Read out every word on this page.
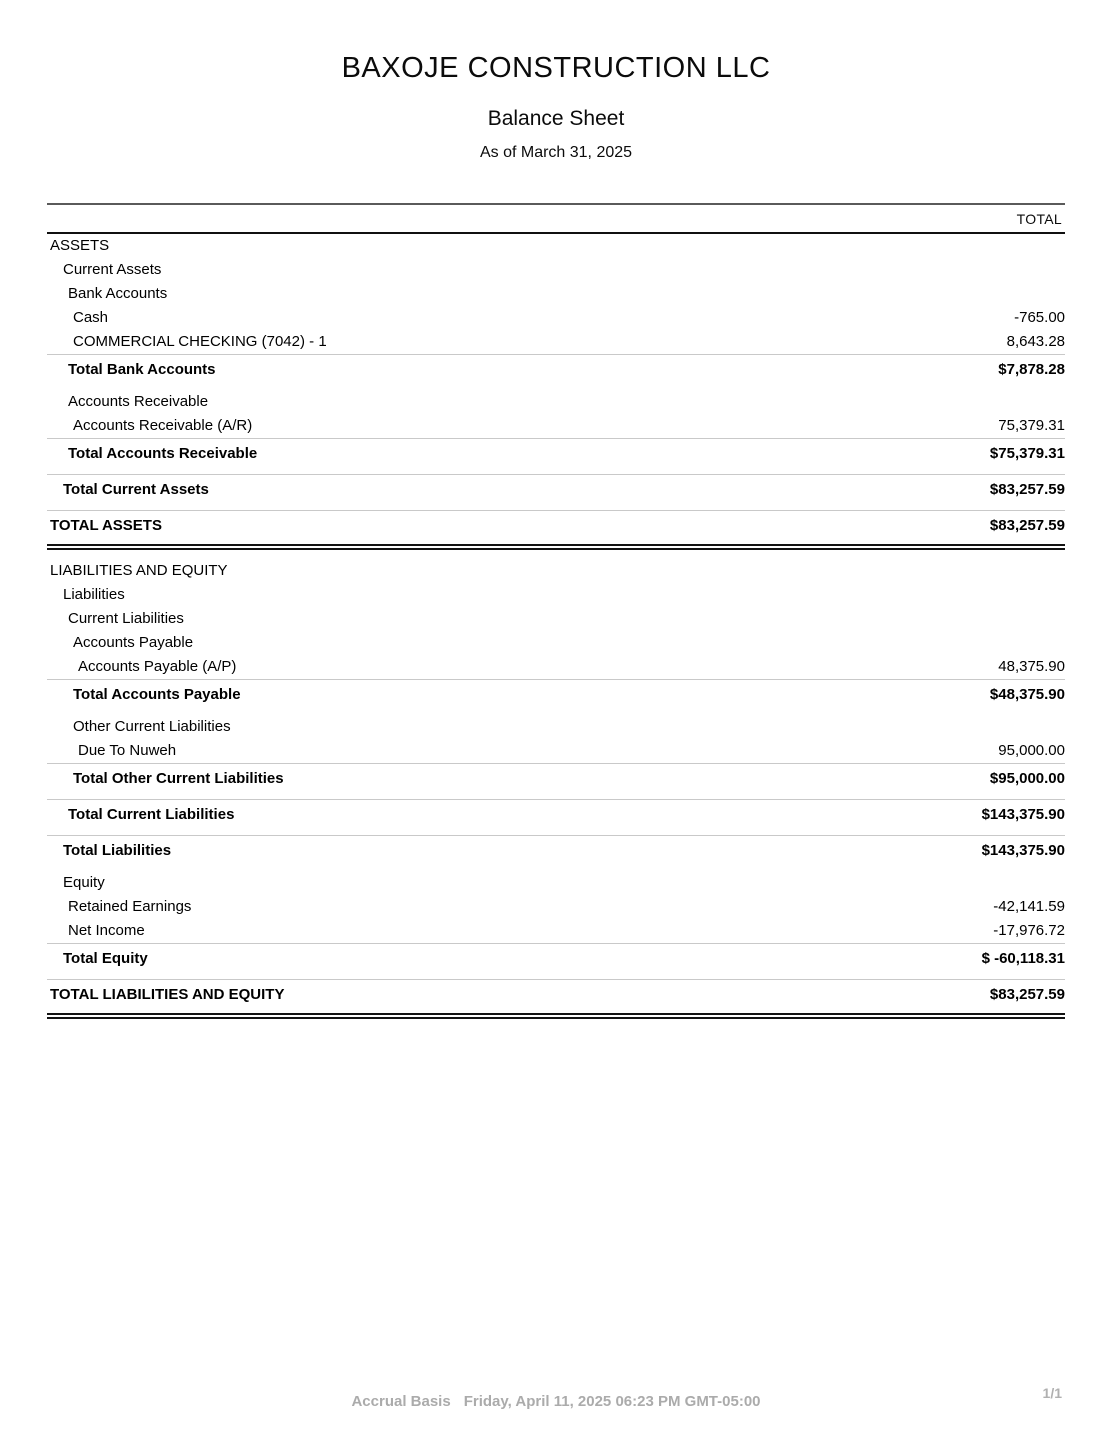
BAXOJE CONSTRUCTION LLC
Balance Sheet
As of March 31, 2025
TOTAL
ASSETS
Current Assets
Bank Accounts
Cash	-765.00
COMMERCIAL CHECKING (7042) - 1	8,643.28
Total Bank Accounts	$7,878.28
Accounts Receivable
Accounts Receivable (A/R)	75,379.31
Total Accounts Receivable	$75,379.31
Total Current Assets	$83,257.59
TOTAL ASSETS	$83,257.59
LIABILITIES AND EQUITY
Liabilities
Current Liabilities
Accounts Payable
Accounts Payable (A/P)	48,375.90
Total Accounts Payable	$48,375.90
Other Current Liabilities
Due To Nuweh	95,000.00
Total Other Current Liabilities	$95,000.00
Total Current Liabilities	$143,375.90
Total Liabilities	$143,375.90
Equity
Retained Earnings	-42,141.59
Net Income	-17,976.72
Total Equity	$ -60,118.31
TOTAL LIABILITIES AND EQUITY	$83,257.59
Accrual Basis Friday, April 11, 2025 06:23 PM GMT-05:00	1/1
